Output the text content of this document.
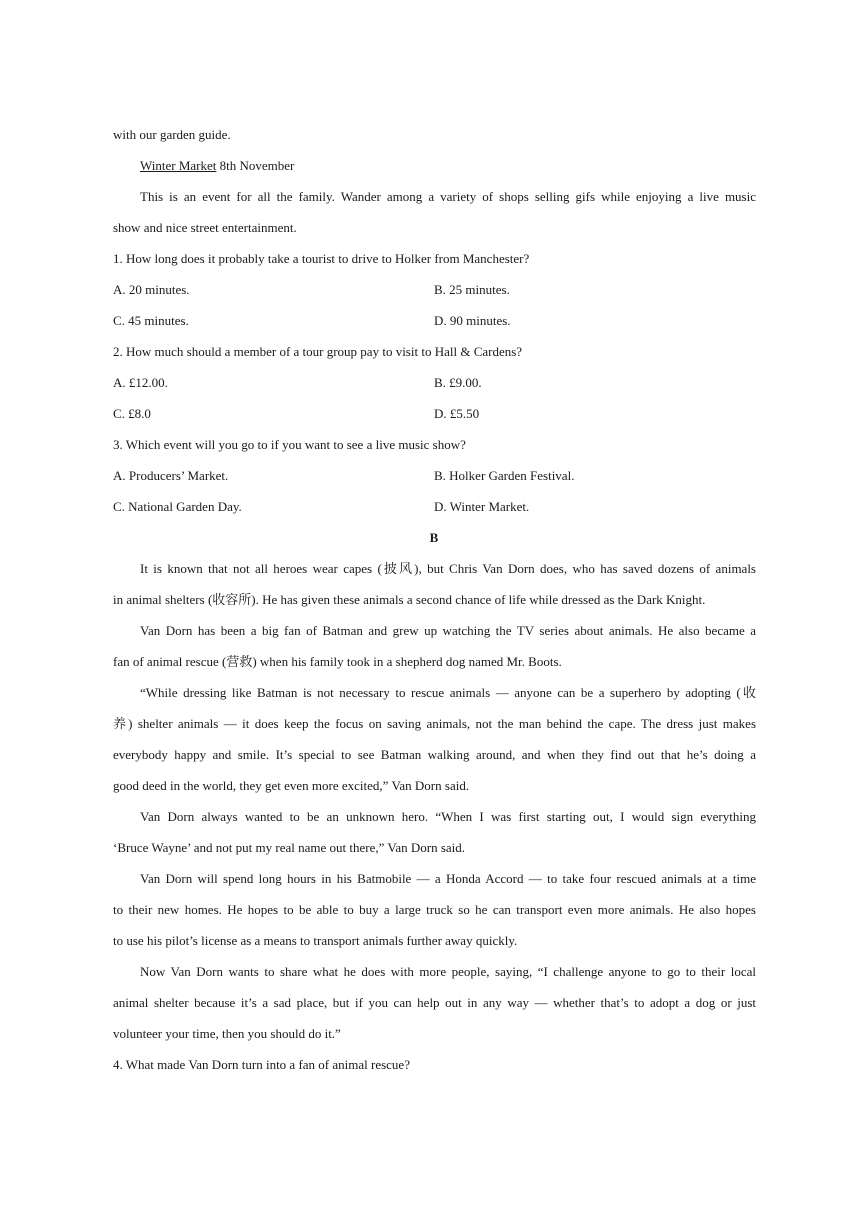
with our garden guide.
Winter Market 8th November
This is an event for all the family. Wander among a variety of shops selling gifs while enjoying a live music
show and nice street entertainment.
1. How long does it probably take a tourist to drive to Holker from Manchester?
A. 20 minutes.	B. 25 minutes.
C. 45 minutes.	D. 90 minutes.
2. How much should a member of a tour group pay to visit to Hall & Cardens?
A. £12.00.	B. £9.00.
C. £8.0	D. £5.50
3. Which event will you go to if you want to see a live music show?
A. Producers’ Market.	B. Holker Garden Festival.
C. National Garden Day.	D. Winter Market.
B
It is known that not all heroes wear capes (披风), but Chris Van Dorn does, who has saved dozens of animals
in animal shelters (收容所). He has given these animals a second chance of life while dressed as the Dark Knight.
Van Dorn has been a big fan of Batman and grew up watching the TV series about animals. He also became a
fan of animal rescue (营救) when his family took in a shepherd dog named Mr. Boots.
“While dressing like Batman is not necessary to rescue animals — anyone can be a superhero by adopting (收
养) shelter animals — it does keep the focus on saving animals, not the man behind the cape. The dress just makes
everybody happy and smile. It’s special to see Batman walking around, and when they find out that he’s doing a
good deed in the world, they get even more excited,” Van Dorn said.
Van Dorn always wanted to be an unknown hero. “When I was first starting out, I would sign everything
‘Bruce Wayne’ and not put my real name out there,” Van Dorn said.
Van Dorn will spend long hours in his Batmobile — a Honda Accord — to take four rescued animals at a time
to their new homes. He hopes to be able to buy a large truck so he can transport even more animals. He also hopes
to use his pilot’s license as a means to transport animals further away quickly.
Now Van Dorn wants to share what he does with more people, saying, “I challenge anyone to go to their local
animal shelter because it’s a sad place, but if you can help out in any way — whether that’s to adopt a dog or just
volunteer your time, then you should do it.”
4. What made Van Dorn turn into a fan of animal rescue?
